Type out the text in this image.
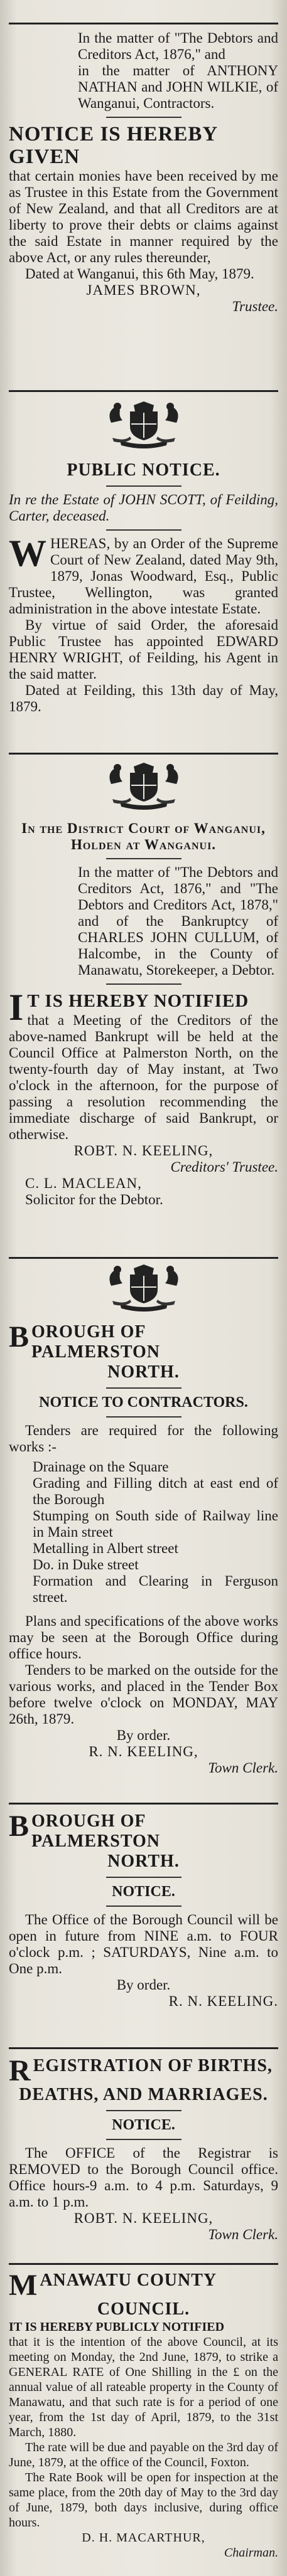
In the matter of "The Debtors and Creditors Act, 1876," and

in the matter of ANTHONY NATHAN and JOHN WILKIE, of Wanganui, Contractors.

NOTICE IS HEREBY GIVEN

that certain monies have been received by me as Trustee in this Estate from the Government of New Zealand, and that all Creditors are at liberty to prove their debts or claims against the said Estate in manner required by the above Act, or any rules thereunder,

Dated at Wanganui, this 6th May, 1879.

JAMES BROWN,

Trustee.

PUBLIC NOTICE.

In re the Estate of JOHN SCOTT, of Feilding, Carter, deceased.

W HEREAS, by an Order of the Supreme Court of New Zealand, dated May 9th, 1879, Jonas Woodward, Esq., Public Trustee, Wellington, was granted administration in the above intestate Estate.

By virtue of said Order, the aforesaid Public Trustee has appointed EDWARD HENRY WRIGHT, of Feilding, his Agent in the said matter.

Dated at Feilding, this 13th day of May, 1879.

In the District Court of Wanganui, Holden at Wanganui.

In the matter of "The Debtors and Creditors Act, 1876," and "The Debtors and Creditors Act, 1878," and of the Bankruptcy of CHARLES JOHN CULLUM, of Halcombe, in the County of Manawatu, Storekeeper, a Debtor.

I T IS HEREBY NOTIFIED

that a Meeting of the Creditors of the above-named Bankrupt will be held at the Council Office at Palmerston North, on the twenty-fourth day of May instant, at Two o'clock in the afternoon, for the purpose of passing a resolution recommending the immediate discharge of said Bankrupt, or otherwise.

ROBT. N. KEELING,

Creditors' Trustee.

C. L. MACLEAN,

Solicitor for the Debtor.

B OROUGH OF PALMERSTON

NORTH.

NOTICE TO CONTRACTORS.

Tenders are required for the following works :-

Drainage on the Square

Grading and Filling ditch at east end of the Borough

Stumping on South side of Railway line in Main street

Metalling in Albert street

Do. in Duke street

Formation and Clearing in Ferguson street.

Plans and specifications of the above works may be seen at the Borough Office during office hours.

Tenders to be marked on the outside for the various works, and placed in the Tender Box before twelve o'clock on MONDAY, MAY 26th, 1879.

By order.

R. N. KEELING,

Town Clerk.

B OROUGH OF PALMERSTON

NORTH.

NOTICE.

The Office of the Borough Council will be open in future from NINE a.m. to FOUR o'clock p.m. ; SATURDAYS, Nine a.m. to One p.m.

By order.

R. N. KEELING.

R EGISTRATION OF BIRTHS,

DEATHS, AND MARRIAGES.

NOTICE.

The OFFICE of the Registrar is REMOVED to the Borough Council office. Office hours-9 a.m. to 4 p.m. Saturdays, 9 a.m. to 1 p.m.

ROBT. N. KEELING,

Town Clerk.

M ANAWATU COUNTY

COUNCIL.

IT IS HEREBY PUBLICLY NOTIFIED

that it is the intention of the above Council, at its meeting on Monday, the 2nd June, 1879, to strike a GENERAL RATE of One Shilling in the £ on the annual value of all rateable property in the County of Manawatu, and that such rate is for a period of one year, from the 1st day of April, 1879, to the 31st March, 1880.

The rate will be due and payable on the 3rd day of June, 1879, at the office of the Council, Foxton.

The Rate Book will be open for inspection at the same place, from the 20th day of May to the 3rd day of June, 1879, both days inclusive, during office hours.

D. H. MACARTHUR,

Chairman.
